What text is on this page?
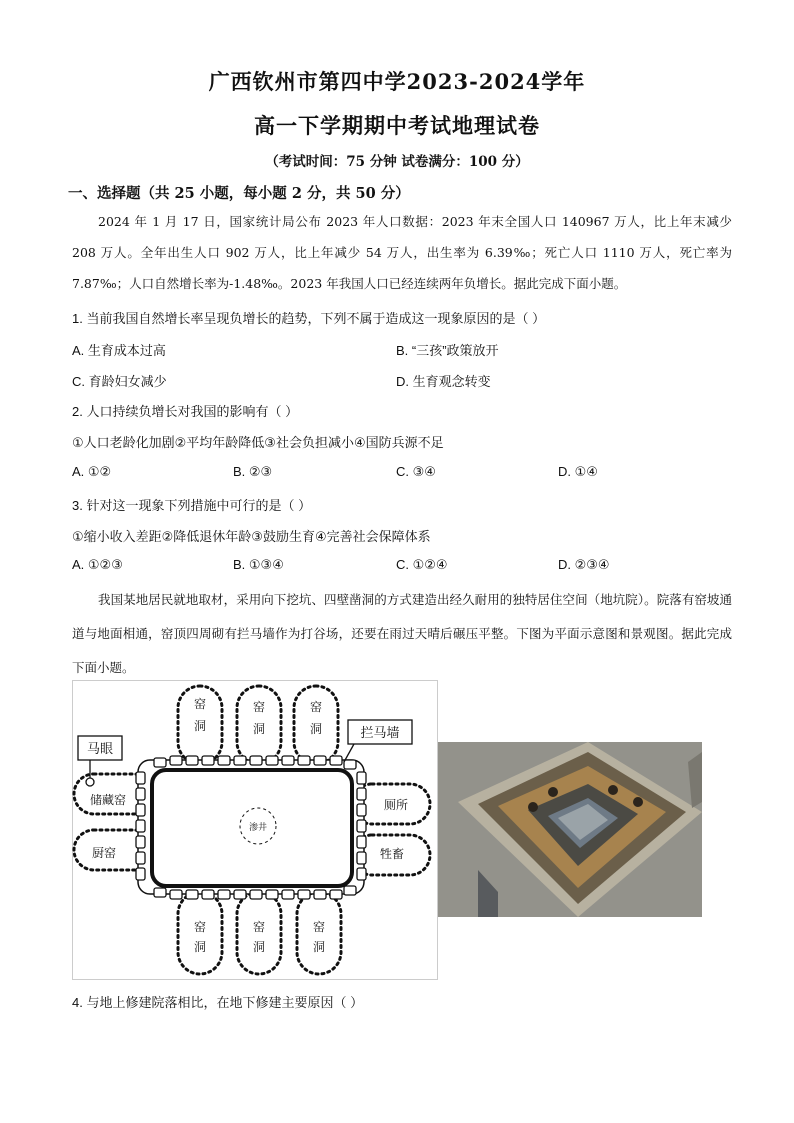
广西钦州市第四中学2023-2024学年
高一下学期期中考试地理试卷
（考试时间：75 分钟 试卷满分：100 分）
一、选择题（共 25 小题，每小题 2 分，共 50 分）
2024 年 1 月 17 日，国家统计局公布 2023 年人口数据：2023 年末全国人口 140967 万人，比上年末减少 208 万人。全年出生人口 902 万人，比上年减少 54 万人，出生率为 6.39‰；死亡人口 1110 万人，死亡率为 7.87‰；人口自然增长率为-1.48‰。2023 年我国人口已经连续两年负增长。据此完成下面小题。
1. 当前我国自然增长率呈现负增长的趋势，下列不属于造成这一现象原因的是（ ）
A. 生育成本过高	B. “三孩”政策放开
C. 育龄妇女减少	D. 生育观念转变
2. 人口持续负增长对我国的影响有（ ）
①人口老龄化加剧②平均年龄降低③社会负担减小④国防兵源不足
A. ①②	B. ②③	C. ③④	D. ①④
3. 针对这一现象下列措施中可行的是（ ）
①缩小收入差距②降低退休年龄③鼓励生育④完善社会保障体系
A. ①②③	B. ①③④	C. ①②④	D. ②③④
我国某地居民就地取材，采用向下挖坑、四壁凿洞的方式建造出经久耐用的独特居住空间（地坑院）。院落有窑坡通道与地面相通，窑顶四周砌有拦马墙作为打谷场，还要在雨过天晴后碾压平整。下图为平面示意图和景观图。据此完成下面小题。
窑
洞
窑
洞
窑
洞
窑
洞
窑
洞
窑
洞
储藏窑
厨窑
厕所
牲畜
渗井
拦马墙
马眼
4. 与地上修建院落相比，在地下修建主要原因（ ）
